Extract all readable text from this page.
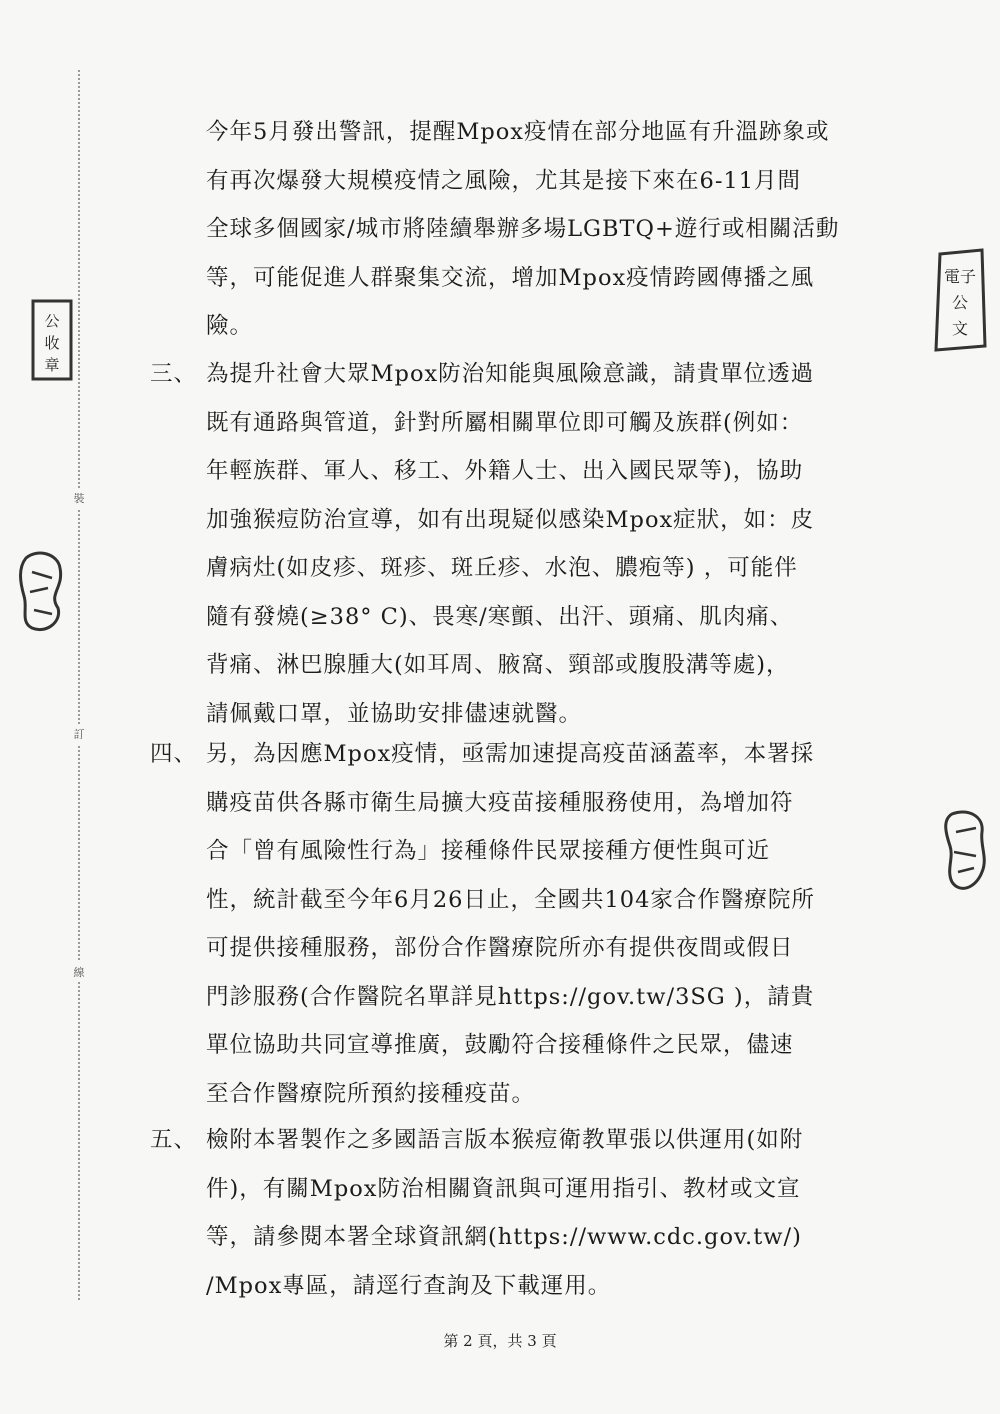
裝
訂
線
公
收
章
電子
公
文
今年5月發出警訊，提醒Mpox疫情在部分地區有升溫跡象或
有再次爆發大規模疫情之風險，尤其是接下來在6-11月間
全球多個國家/城市將陸續舉辦多場LGBTQ+遊行或相關活動
等，可能促進人群聚集交流，增加Mpox疫情跨國傳播之風
險。
三、 為提升社會大眾Mpox防治知能與風險意識，請貴單位透過
既有通路與管道，針對所屬相關單位即可觸及族群(例如：
年輕族群、軍人、移工、外籍人士、出入國民眾等)，協助
加強猴痘防治宣導，如有出現疑似感染Mpox症狀，如：皮
膚病灶(如皮疹、斑疹、斑丘疹、水泡、膿疱等) ，可能伴
隨有發燒(≥38° C)、畏寒/寒顫、出汗、頭痛、肌肉痛、
背痛、淋巴腺腫大(如耳周、腋窩、頸部或腹股溝等處)，
請佩戴口罩，並協助安排儘速就醫。
四、 另，為因應Mpox疫情，亟需加速提高疫苗涵蓋率，本署採
購疫苗供各縣市衛生局擴大疫苗接種服務使用，為增加符
合「曾有風險性行為」接種條件民眾接種方便性與可近
性，統計截至今年6月26日止，全國共104家合作醫療院所
可提供接種服務，部份合作醫療院所亦有提供夜間或假日
門診服務(合作醫院名單詳見https://gov.tw/3SG )，請貴
單位協助共同宣導推廣，鼓勵符合接種條件之民眾，儘速
至合作醫療院所預約接種疫苗。
五、 檢附本署製作之多國語言版本猴痘衛教單張以供運用(如附
件)，有關Mpox防治相關資訊與可運用指引、教材或文宣
等，請參閱本署全球資訊網(https://www.cdc.gov.tw/)
/Mpox專區，請逕行查詢及下載運用。
第 2 頁，共 3 頁
